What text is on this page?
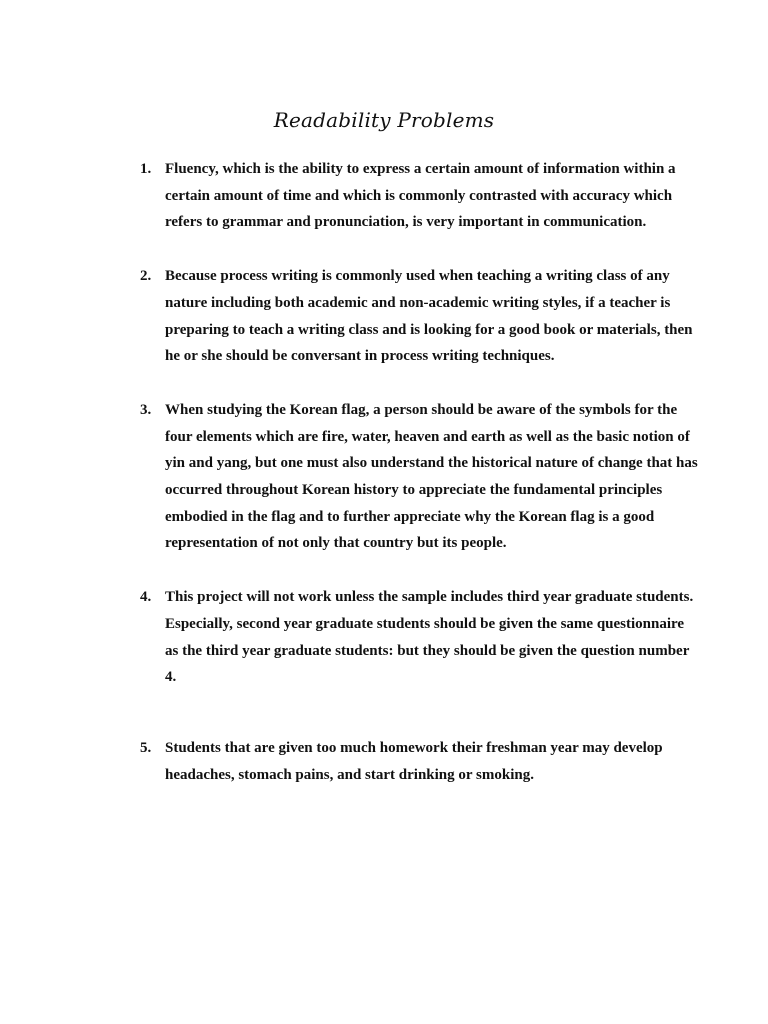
Readability Problems
1. Fluency, which is the ability to express a certain amount of information within a certain amount of time and which is commonly contrasted with accuracy which refers to grammar and pronunciation, is very important in communication.
2. Because process writing is commonly used when teaching a writing class of any nature including both academic and non-academic writing styles, if a teacher is preparing to teach a writing class and is looking for a good book or materials, then he or she should be conversant in process writing techniques.
3. When studying the Korean flag, a person should be aware of the symbols for the four elements which are fire, water, heaven and earth as well as the basic notion of yin and yang, but one must also understand the historical nature of change that has occurred throughout Korean history to appreciate the fundamental principles embodied in the flag and to further appreciate why the Korean flag is a good representation of not only that country but its people.
4. This project will not work unless the sample includes third year graduate students. Especially, second year graduate students should be given the same questionnaire as the third year graduate students: but they should be given the question number 4.
5. Students that are given too much homework their freshman year may develop headaches, stomach pains, and start drinking or smoking.
